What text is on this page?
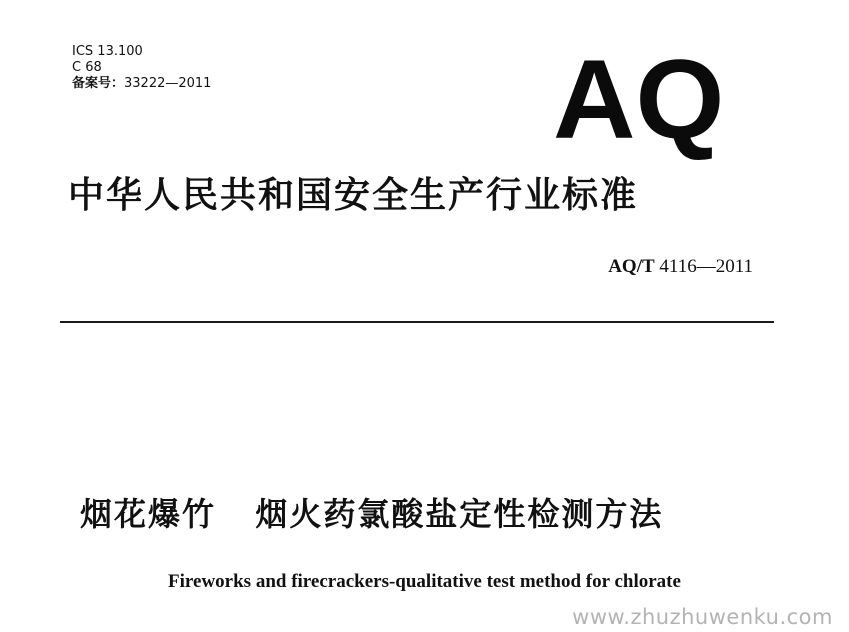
ICS 13.100
C 68
备案号：33222—2011	AQ
中华人民共和国安全生产行业标准
AQ/T 4116—2011
烟花爆竹   烟火药氯酸盐定性检测方法
Fireworks and firecrackers-qualitative test method for chlorate
www.zhuzhuwenku.com
